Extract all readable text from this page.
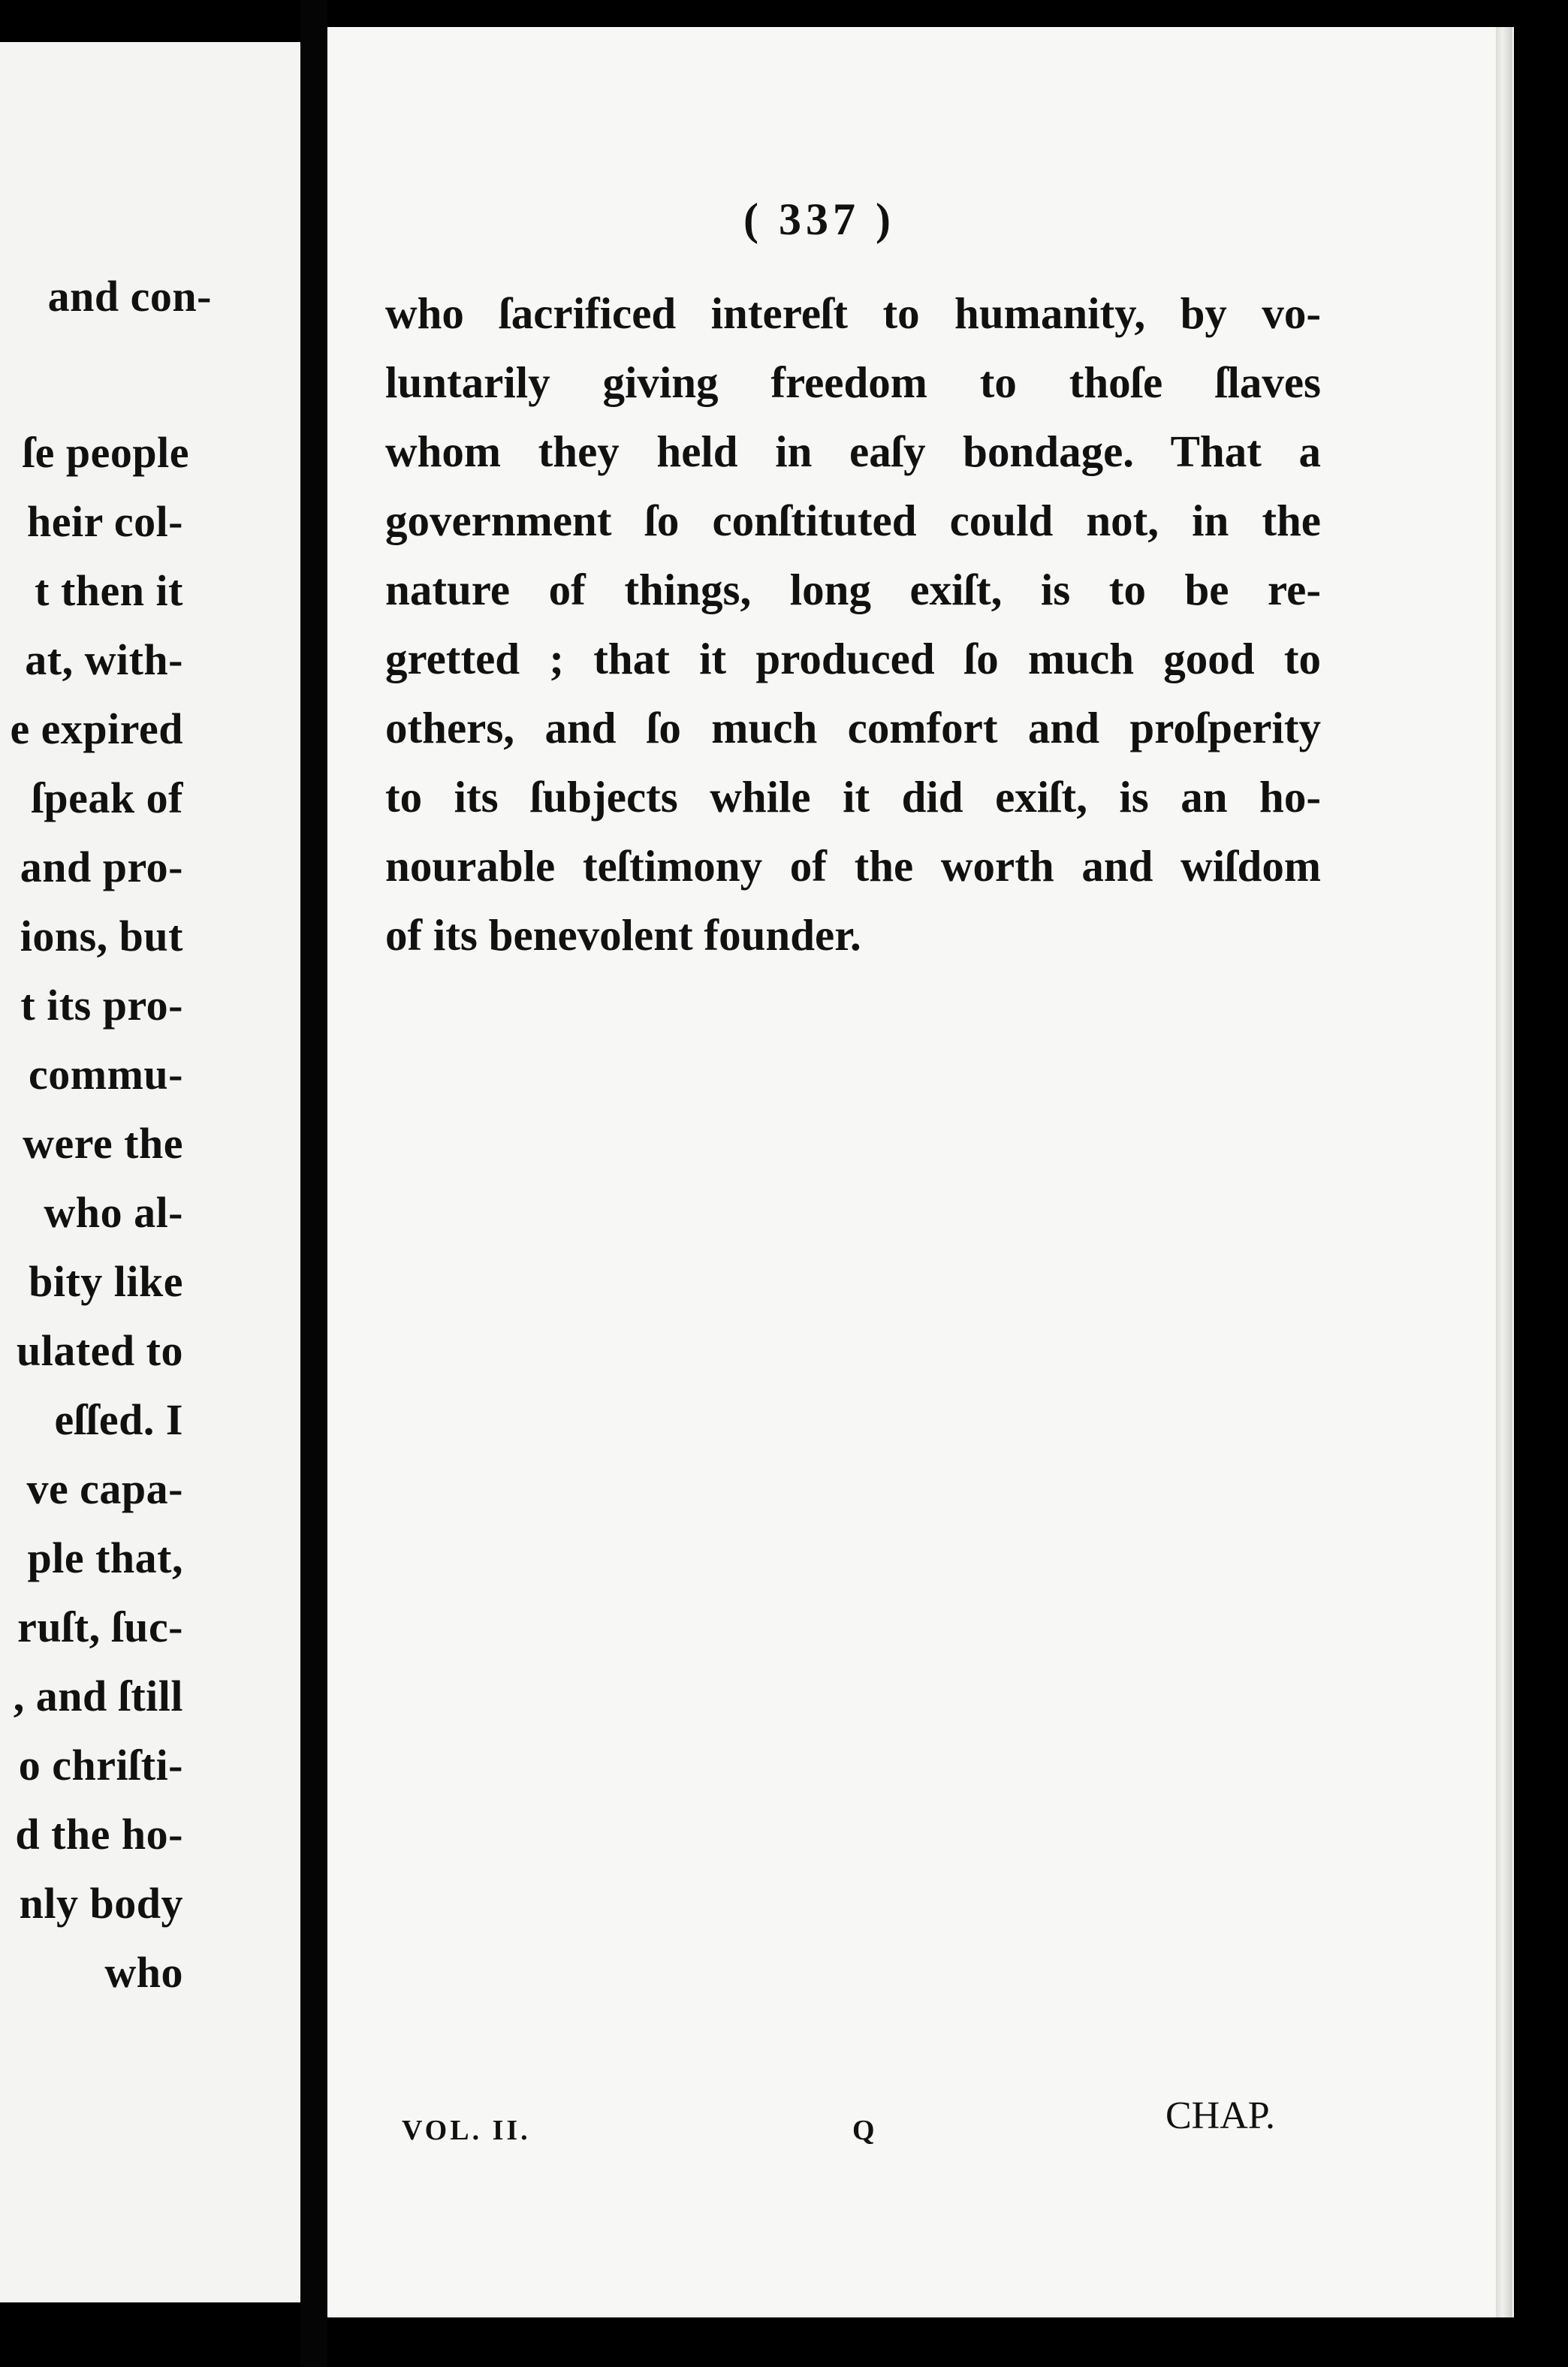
and con-
ſe people
heir col-
t then it
at, with-
e expired
ſpeak of
and pro-
ions, but
t its pro-
commu-
were the
who al-
bity like
ulated to
eſſed. I
ve capa-
ple that,
ruſt, ſuc-
, and ſtill
o chriſti-
d the ho-
nly body
who
( 337 )
who ſacrificed intereſt to humanity, by vo-
luntarily giving freedom to thoſe ſlaves
whom they held in eaſy bondage. That a
government ſo conſtituted could not, in the
nature of things, long exiſt, is to be re-
gretted ; that it produced ſo much good to
others, and ſo much comfort and proſperity
to its ſubjects while it did exiſt, is an ho-
nourable teſtimony of the worth and wiſdom
of its benevolent founder.
VOL. II.	Q	CHAP.
